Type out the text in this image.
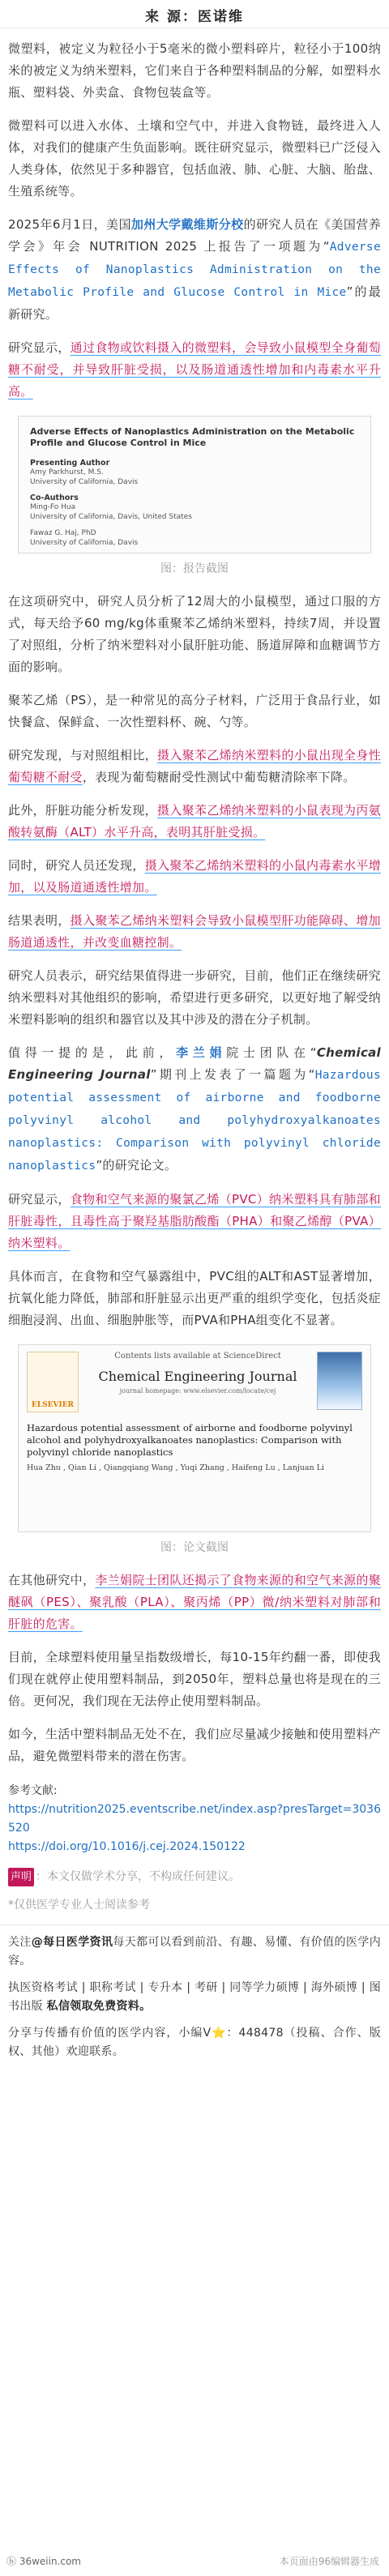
来 源：医诺维

微塑料，被定义为粒径小于5毫米的微小塑料碎片，粒径小于100纳米的被定义为纳米塑料，它们来自于各种塑料制品的分解，如塑料水瓶、塑料袋、外卖盒、食物包装盒等。

微塑料可以进入水体、土壤和空气中，并进入食物链，最终进入人体，对我们的健康产生负面影响。既往研究显示，微塑料已广泛侵入人类身体，依然见于多种器官，包括血液、肺、心脏、大脑、胎盘、生殖系统等。

2025年6月1日，美国加州大学戴维斯分校的研究人员在《美国营养学会》年会 NUTRITION 2025 上报告了一项题为“Adverse Effects of Nanoplastics Administration on the Metabolic Profile and Glucose Control in Mice”的最新研究。

研究显示，通过食物或饮料摄入的微塑料，会导致小鼠模型全身葡萄糖不耐受，并导致肝脏受损，以及肠道通透性增加和内毒素水平升高。

Adverse Effects of Nanoplastics Administration on the Metabolic Profile and Glucose Control in Mice
Presenting Author
Amy Parkhurst, M.S.
University of California, Davis
Co-Authors
Ming-Fo Hua
University of California, Davis, United States
Fawaz G. Haj, PhD
University of California, Davis
图：报告截图

在这项研究中，研究人员分析了12周大的小鼠模型，通过口服的方式，每天给予60 mg/kg体重聚苯乙烯纳米塑料，持续7周，并设置了对照组，分析了纳米塑料对小鼠肝脏功能、肠道屏障和血糖调节方面的影响。

聚苯乙烯（PS），是一种常见的高分子材料，广泛用于食品行业，如快餐盒、保鲜盒、一次性塑料杯、碗、勺等。

研究发现，与对照组相比，摄入聚苯乙烯纳米塑料的小鼠出现全身性葡萄糖不耐受，表现为葡萄糖耐受性测试中葡萄糖清除率下降。

此外，肝脏功能分析发现，摄入聚苯乙烯纳米塑料的小鼠表现为丙氨酸转氨酶（ALT）水平升高，表明其肝脏受损。

同时，研究人员还发现，摄入聚苯乙烯纳米塑料的小鼠内毒素水平增加，以及肠道通透性增加。

结果表明，摄入聚苯乙烯纳米塑料会导致小鼠模型肝功能障碍、增加肠道通透性，并改变血糖控制。

研究人员表示，研究结果值得进一步研究，目前，他们正在继续研究纳米塑料对其他组织的影响，希望进行更多研究，以更好地了解受纳米塑料影响的组织和器官以及其中涉及的潜在分子机制。

值得一提的是，此前，李兰娟院士团队在“Chemical Engineering Journal”期刊上发表了一篇题为“Hazardous potential assessment of airborne and foodborne polyvinyl alcohol and polyhydroxyalkanoates nanoplastics: Comparison with polyvinyl chloride nanoplastics”的研究论文。

研究显示，食物和空气来源的聚氯乙烯（PVC）纳米塑料具有肺部和肝脏毒性，且毒性高于聚羟基脂肪酸酯（PHA）和聚乙烯醇（PVA）纳米塑料。

具体而言，在食物和空气暴露组中，PVC组的ALT和AST显著增加，抗氧化能力降低，肺部和肝脏显示出更严重的组织学变化，包括炎症细胞浸润、出血、细胞肿胀等，而PVA和PHA组变化不显著。

ELSEVIER
Contents lists available at ScienceDirect
Chemical Engineering Journal
journal homepage: www.elsevier.com/locate/cej
Hazardous potential assessment of airborne and foodborne polyvinyl alcohol and polyhydroxyalkanoates nanoplastics: Comparison with polyvinyl chloride nanoplastics
Hua Zhu , Qian Li , Qiangqiang Wang , Yuqi Zhang , Haifeng Lu , Lanjuan Li
图：论文截图

在其他研究中，李兰娟院士团队还揭示了食物来源的和空气来源的聚醚砜（PES）、聚乳酸（PLA）、聚丙烯（PP）微/纳米塑料对肺部和肝脏的危害。

目前，全球塑料使用量呈指数级增长，每10-15年约翻一番，即使我们现在就停止使用塑料制品，到2050年，塑料总量也将是现在的三倍。更何况，我们现在无法停止使用塑料制品。

如今，生活中塑料制品无处不在，我们应尽量减少接触和使用塑料产品，避免微塑料带来的潜在伤害。

参考文献:
https://nutrition2025.eventscribe.net/index.asp?presTarget=3036520
https://doi.org/10.1016/j.cej.2024.150122
声明 ：本文仅做学术分享，不构成任何建议。
*仅供医学专业人士阅读参考

关注@每日医学资讯每天都可以看到前沿、有趣、易懂、有价值的医学内容。

执医资格考试 | 职称考试 | 专升本 | 考研 | 同等学力硕博 | 海外硕博 | 图书出版 私信领取免费资料。

分享与传播有价值的医学内容，小编V⭐：448478（投稿、合作、版权、其他）欢迎联系。

ⓑ 36weiin.com	本页面由96编辑器生成
